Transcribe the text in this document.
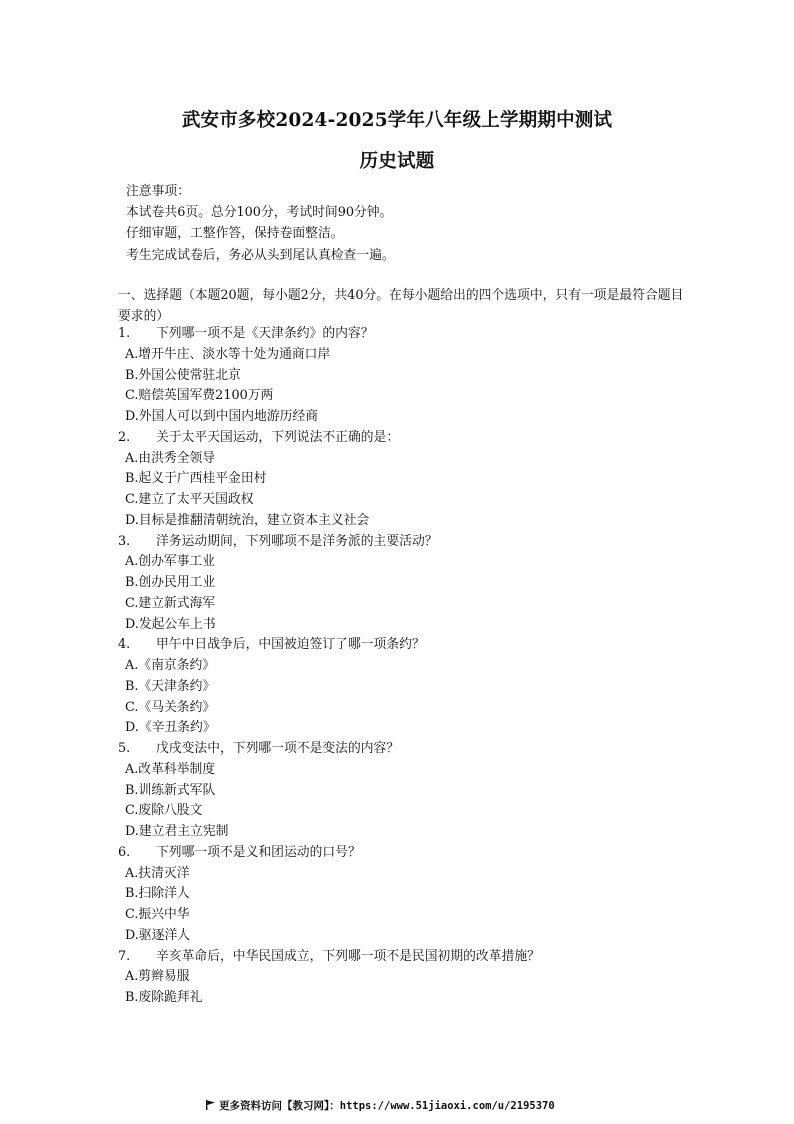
武安市多校2024-2025学年八年级上学期期中测试
历史试题
注意事项：
本试卷共6页。总分100分，考试时间90分钟。
仔细审题，工整作答，保持卷面整洁。
考生完成试卷后，务必从头到尾认真检查一遍。
一、选择题（本题20题，每小题2分，共40分。在每小题给出的四个选项中，只有一项是最符合题目要求的）
1. 下列哪一项不是《天津条约》的内容？
A.增开牛庄、淡水等十处为通商口岸
B.外国公使常驻北京
C.赔偿英国军费2100万两
D.外国人可以到中国内地游历经商
2. 关于太平天国运动，下列说法不正确的是：
A.由洪秀全领导
B.起义于广西桂平金田村
C.建立了太平天国政权
D.目标是推翻清朝统治，建立资本主义社会
3. 洋务运动期间，下列哪项不是洋务派的主要活动？
A.创办军事工业
B.创办民用工业
C.建立新式海军
D.发起公车上书
4. 甲午中日战争后，中国被迫签订了哪一项条约？
A.《南京条约》
B.《天津条约》
C.《马关条约》
D.《辛丑条约》
5. 戊戌变法中，下列哪一项不是变法的内容？
A.改革科举制度
B.训练新式军队
C.废除八股文
D.建立君主立宪制
6. 下列哪一项不是义和团运动的口号？
A.扶清灭洋
B.扫除洋人
C.振兴中华
D.驱逐洋人
7. 辛亥革命后，中华民国成立，下列哪一项不是民国初期的改革措施？
A.剪辫易服
B.废除跪拜礼
更多资料访问【教习网】：https://www.51jiaoxi.com/u/2195370
